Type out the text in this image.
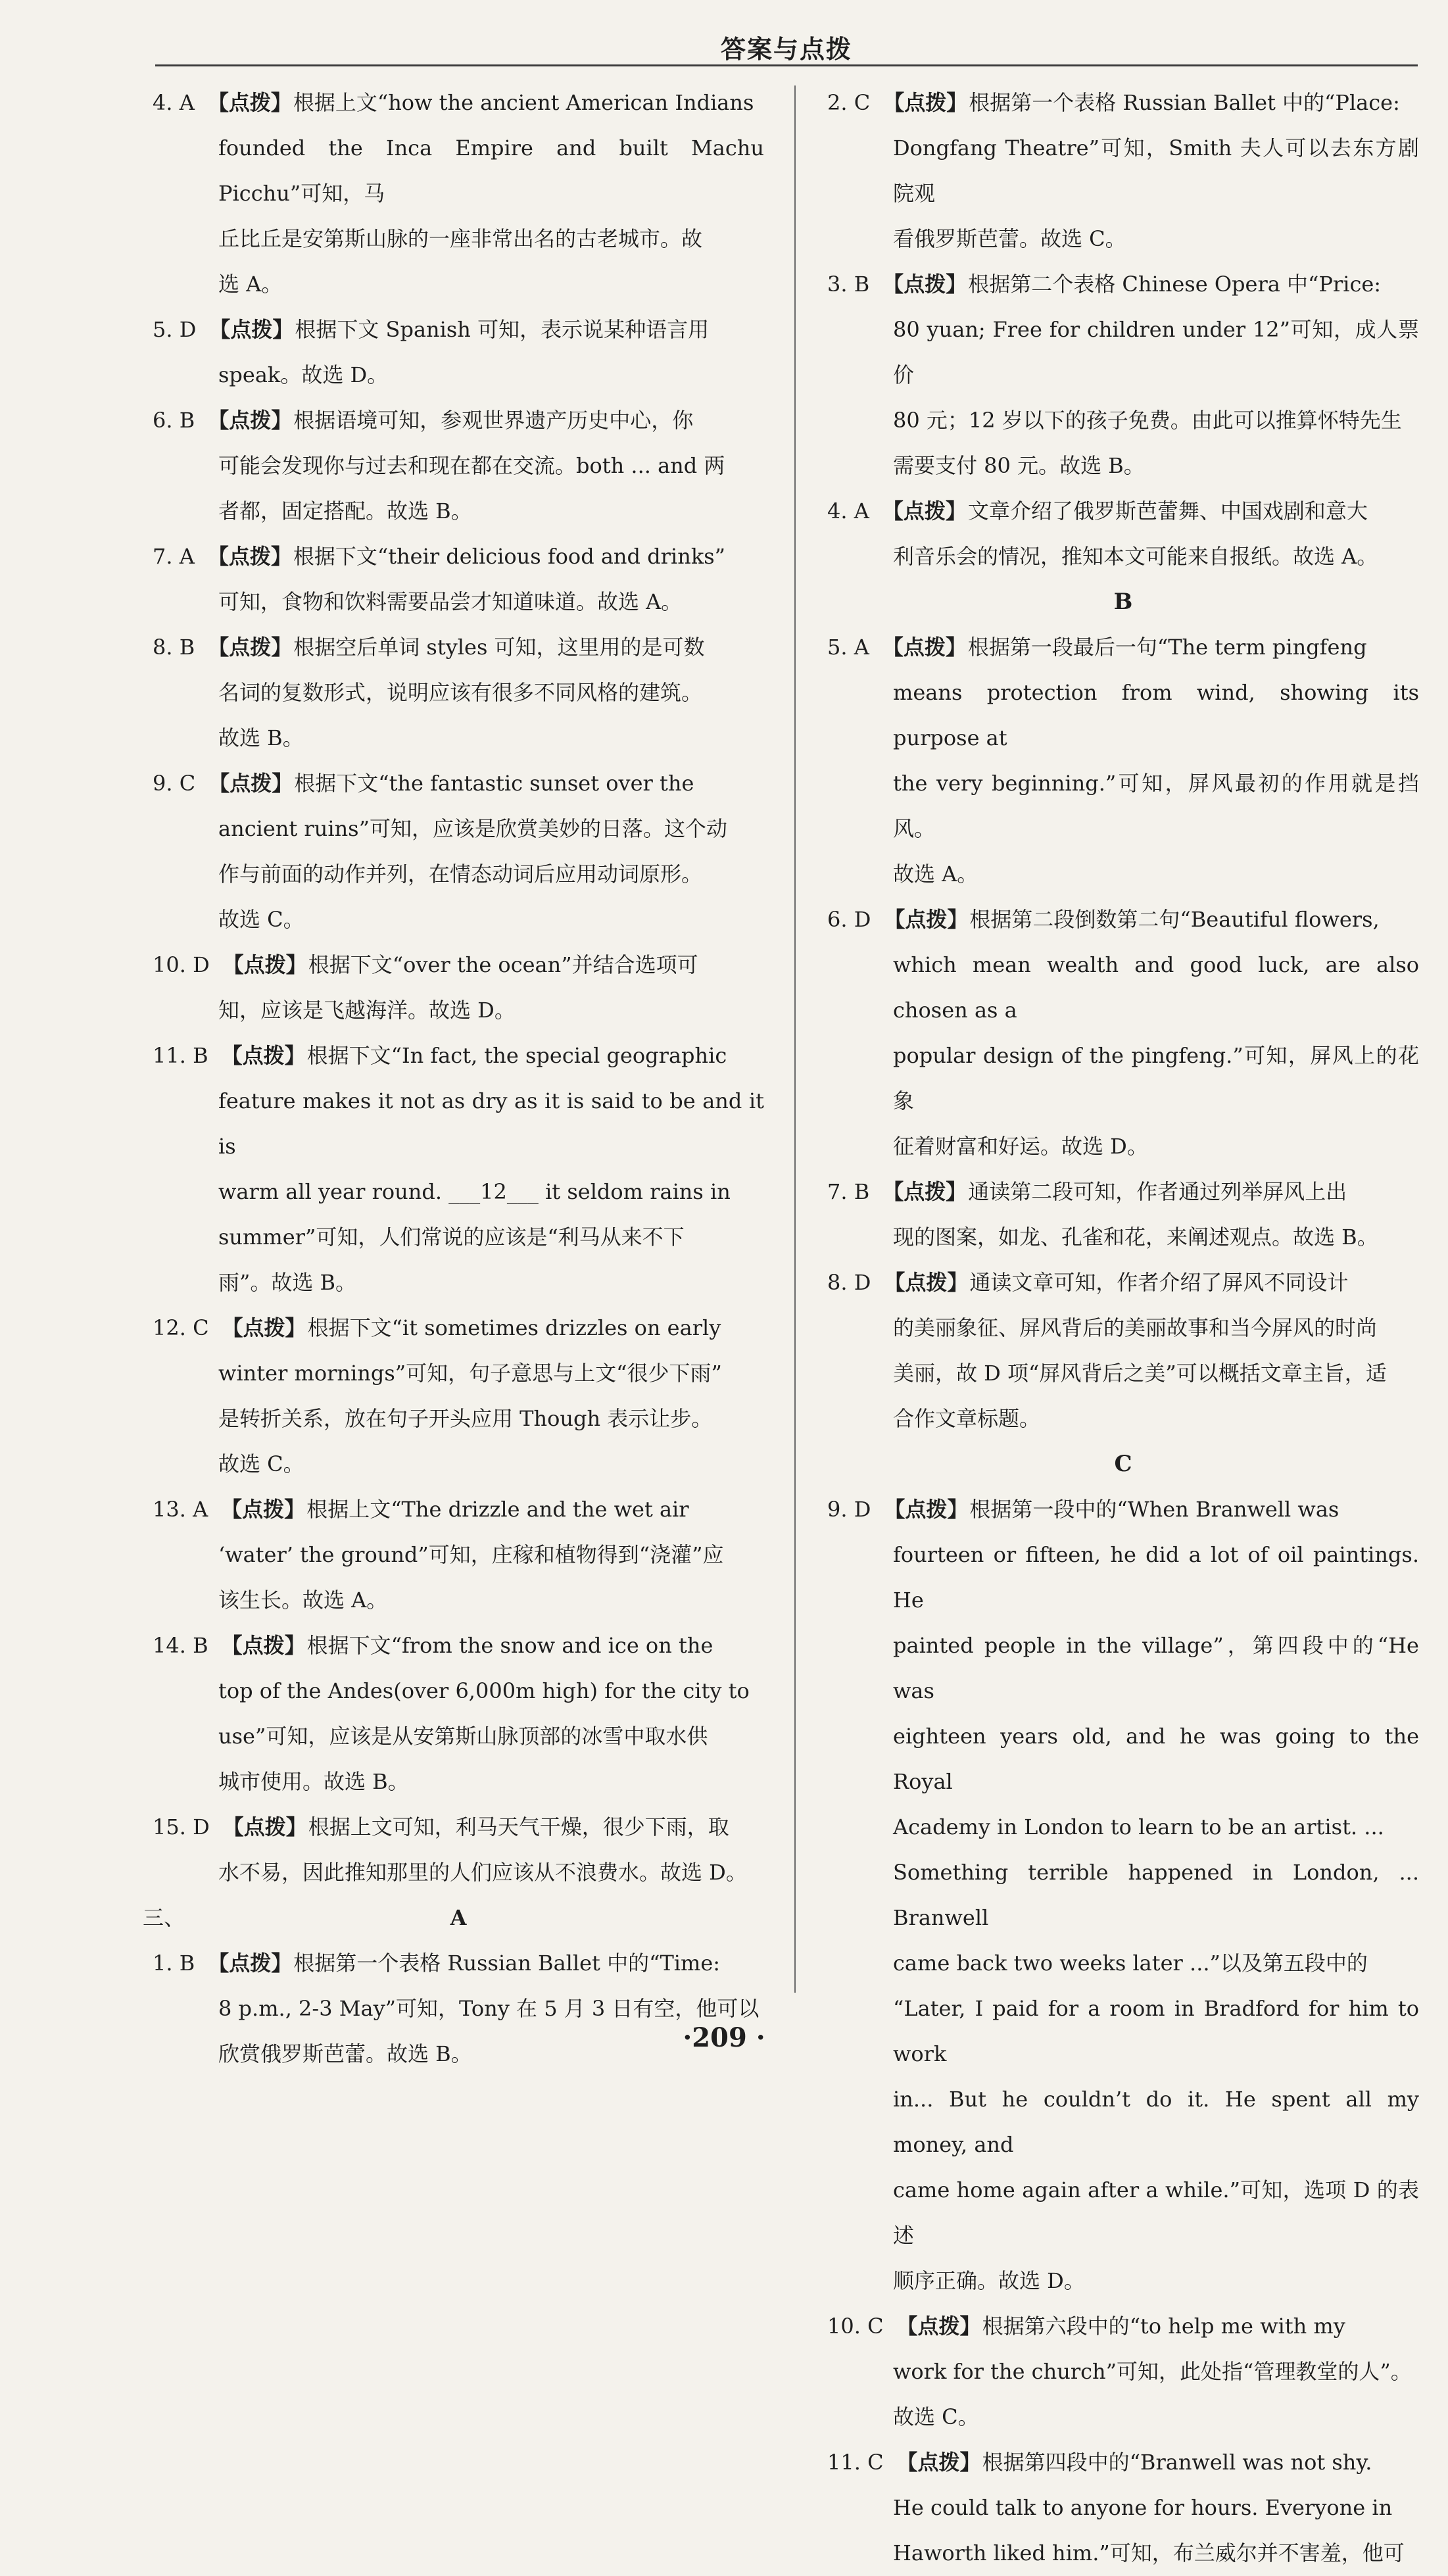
答案与点拨
4. A 【点拨】根据上文“how the ancient American Indians
founded the Inca Empire and built Machu Picchu”可知，马
丘比丘是安第斯山脉的一座非常出名的古老城市。故
选 A。
5. D 【点拨】根据下文 Spanish 可知，表示说某种语言用
speak。故选 D。
6. B 【点拨】根据语境可知，参观世界遗产历史中心，你
可能会发现你与过去和现在都在交流。both ... and 两
者都，固定搭配。故选 B。
7. A 【点拨】根据下文“their delicious food and drinks”
可知，食物和饮料需要品尝才知道味道。故选 A。
8. B 【点拨】根据空后单词 styles 可知，这里用的是可数
名词的复数形式，说明应该有很多不同风格的建筑。
故选 B。
9. C 【点拨】根据下文“the fantastic sunset over the
ancient ruins”可知，应该是欣赏美妙的日落。这个动
作与前面的动作并列，在情态动词后应用动词原形。
故选 C。
10. D 【点拨】根据下文“over the ocean”并结合选项可
知，应该是飞越海洋。故选 D。
11. B 【点拨】根据下文“In fact, the special geographic
feature makes it not as dry as it is said to be and it is
warm all year round. ___12___ it seldom rains in
summer”可知，人们常说的应该是“利马从来不下
雨”。故选 B。
12. C 【点拨】根据下文“it sometimes drizzles on early
winter mornings”可知，句子意思与上文“很少下雨”
是转折关系，放在句子开头应用 Though 表示让步。
故选 C。
13. A 【点拨】根据上文“The drizzle and the wet air
‘water’ the ground”可知，庄稼和植物得到“浇灌”应
该生长。故选 A。
14. B 【点拨】根据下文“from the snow and ice on the
top of the Andes(over 6,000m high) for the city to
use”可知，应该是从安第斯山脉顶部的冰雪中取水供
城市使用。故选 B。
15. D 【点拨】根据上文可知，利马天气干燥，很少下雨，取
水不易，因此推知那里的人们应该从不浪费水。故选 D。
三、	A
1. B 【点拨】根据第一个表格 Russian Ballet 中的“Time:
8 p.m., 2-3 May”可知，Tony 在 5 月 3 日有空，他可以
欣赏俄罗斯芭蕾。故选 B。
2. C 【点拨】根据第一个表格 Russian Ballet 中的“Place:
Dongfang Theatre”可知，Smith 夫人可以去东方剧院观
看俄罗斯芭蕾。故选 C。
3. B 【点拨】根据第二个表格 Chinese Opera 中“Price:
80 yuan; Free for children under 12”可知，成人票价
80 元；12 岁以下的孩子免费。由此可以推算怀特先生
需要支付 80 元。故选 B。
4. A 【点拨】文章介绍了俄罗斯芭蕾舞、中国戏剧和意大
利音乐会的情况，推知本文可能来自报纸。故选 A。
B
5. A 【点拨】根据第一段最后一句“The term pingfeng
means protection from wind, showing its purpose at
the very beginning.”可知，屏风最初的作用就是挡风。
故选 A。
6. D 【点拨】根据第二段倒数第二句“Beautiful flowers,
which mean wealth and good luck, are also chosen as a
popular design of the pingfeng.”可知，屏风上的花象
征着财富和好运。故选 D。
7. B 【点拨】通读第二段可知，作者通过列举屏风上出
现的图案，如龙、孔雀和花，来阐述观点。故选 B。
8. D 【点拨】通读文章可知，作者介绍了屏风不同设计
的美丽象征、屏风背后的美丽故事和当今屏风的时尚
美丽，故 D 项“屏风背后之美”可以概括文章主旨，适
合作文章标题。
C
9. D 【点拨】根据第一段中的“When Branwell was
fourteen or fifteen, he did a lot of oil paintings. He
painted people in the village”，第四段中的“He was
eighteen years old, and he was going to the Royal
Academy in London to learn to be an artist. ...
Something terrible happened in London, ... Branwell
came back two weeks later ...”以及第五段中的
“Later, I paid for a room in Bradford for him to work
in... But he couldn’t do it. He spent all my money, and
came home again after a while.”可知，选项 D 的表述
顺序正确。故选 D。
10. C 【点拨】根据第六段中的“to help me with my
work for the church”可知，此处指“管理教堂的人”。
故选 C。
11. C 【点拨】根据第四段中的“Branwell was not shy.
He could talk to anyone for hours. Everyone in
Haworth liked him.”可知，布兰威尔并不害羞，他可
·209 ·
